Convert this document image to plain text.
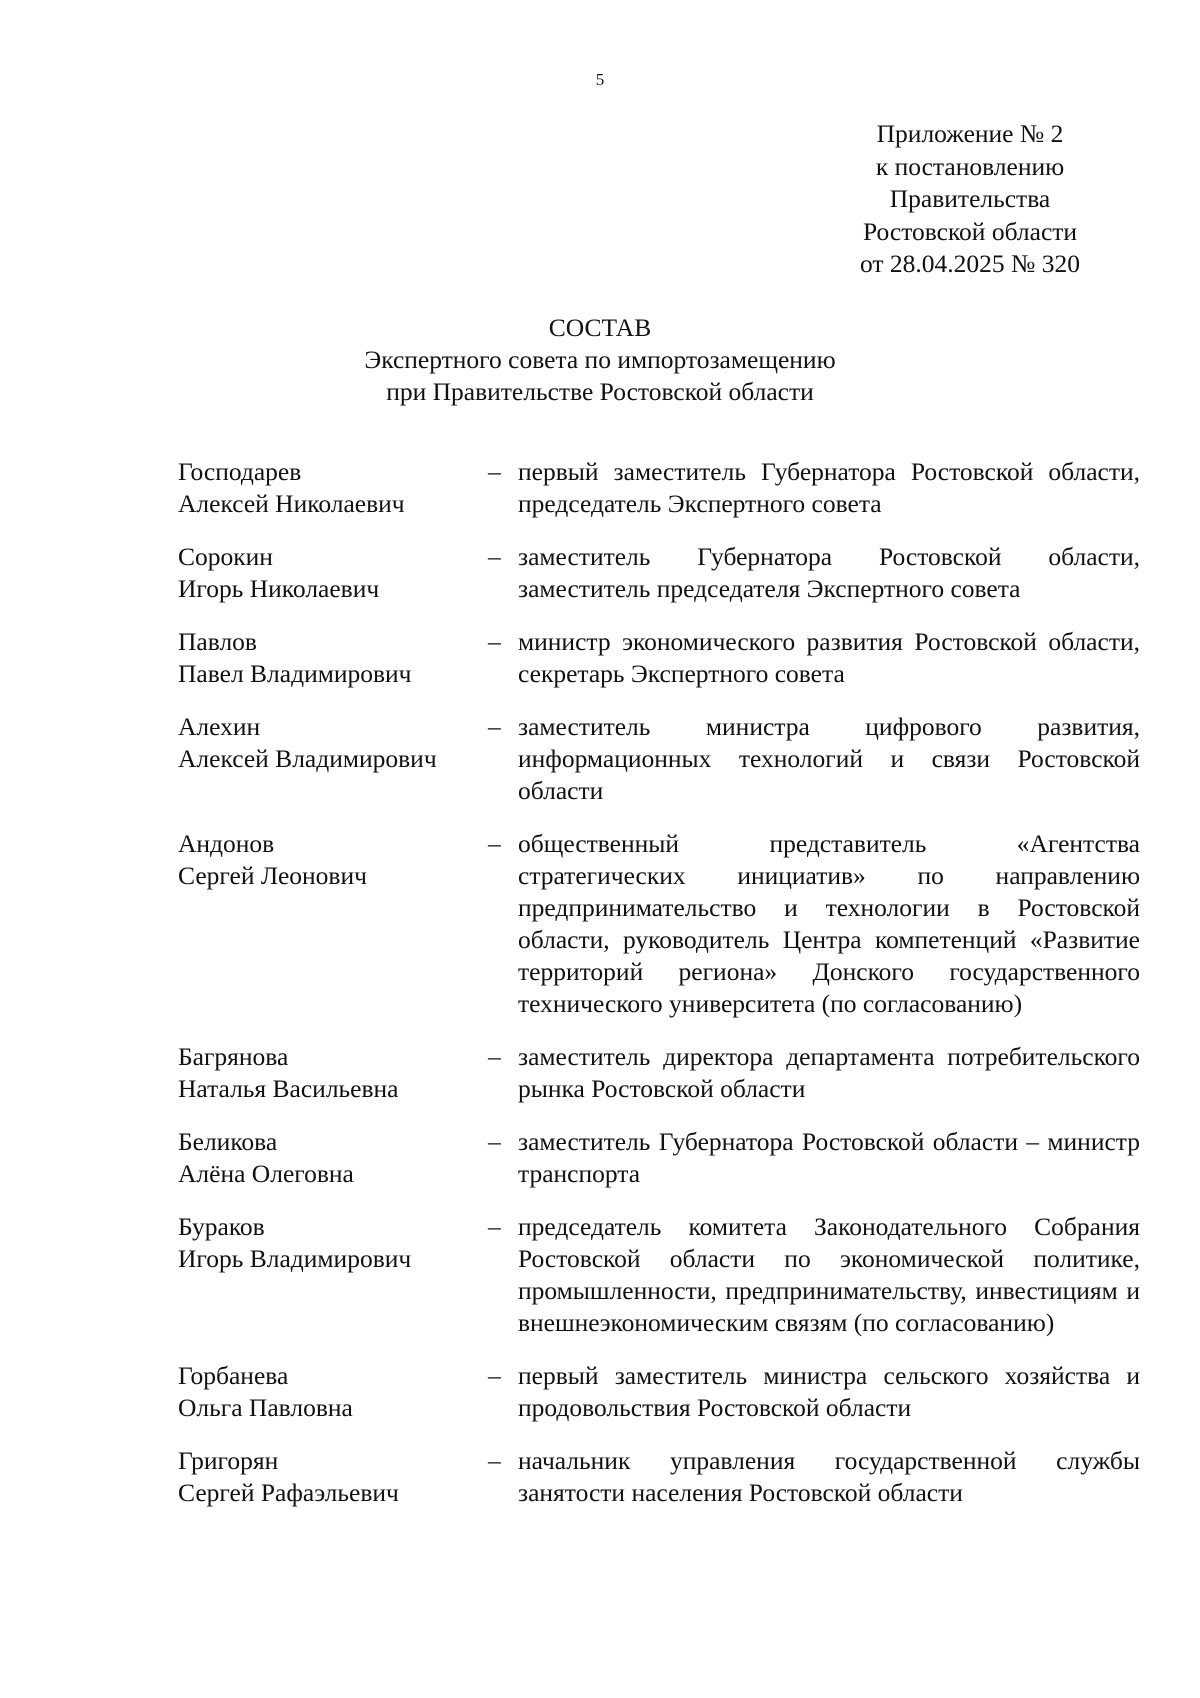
5
Приложение № 2
к постановлению
Правительства
Ростовской области
от 28.04.2025 № 320
СОСТАВ
Экспертного совета по импортозамещению
при Правительстве Ростовской области
Господарев
Алексей Николаевич
– первый заместитель Губернатора Ростовской области, председатель Экспертного совета
Сорокин
Игорь Николаевич
– заместитель Губернатора Ростовской области, заместитель председателя Экспертного совета
Павлов
Павел Владимирович
– министр экономического развития Ростовской области, секретарь Экспертного совета
Алехин
Алексей Владимирович
– заместитель министра цифрового развития, информационных технологий и связи Ростовской области
Андонов
Сергей Леонович
– общественный представитель «Агентства стратегических инициатив» по направлению предпринимательство и технологии в Ростовской области, руководитель Центра компетенций «Развитие территорий региона» Донского государственного технического университета (по согласованию)
Багрянова
Наталья Васильевна
– заместитель директора департамента потребительского рынка Ростовской области
Беликова
Алёна Олеговна
– заместитель Губернатора Ростовской области – министр транспорта
Бураков
Игорь Владимирович
– председатель комитета Законодательного Собрания Ростовской области по экономической политике, промышленности, предпринимательству, инвестициям и внешнеэкономическим связям (по согласованию)
Горбанева
Ольга Павловна
– первый заместитель министра сельского хозяйства и продовольствия Ростовской области
Григорян
Сергей Рафаэльевич
– начальник управления государственной службы занятости населения Ростовской области
